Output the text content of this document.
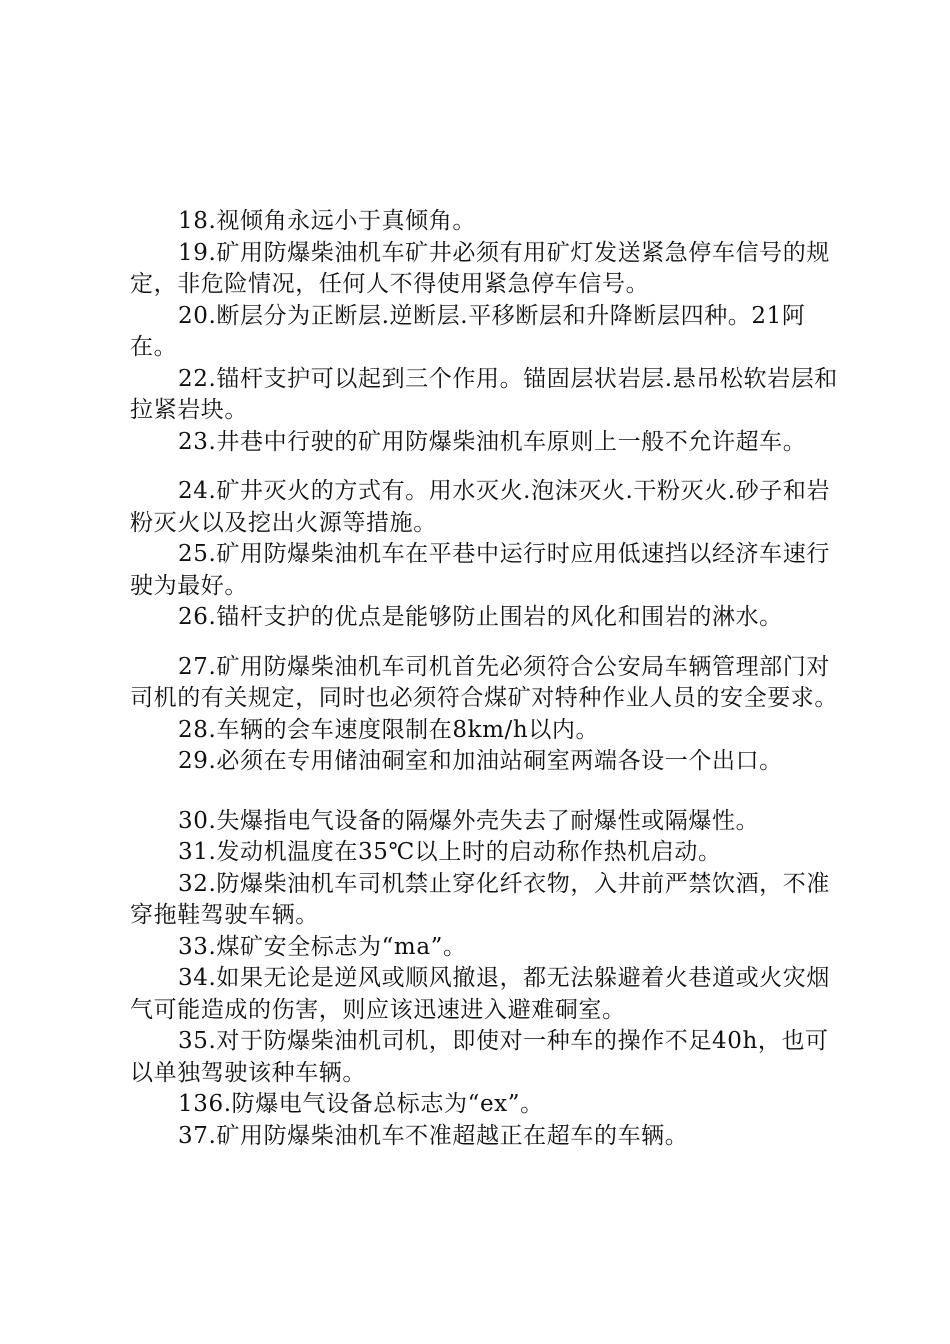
18.视倾角永远小于真倾角。

19.矿用防爆柴油机车矿井必须有用矿灯发送紧急停车信号的规定，非危险情况，任何人不得使用紧急停车信号。

20.断层分为正断层.逆断层.平移断层和升降断层四种。21阿在。

22.锚杆支护可以起到三个作用。锚固层状岩层.悬吊松软岩层和拉紧岩块。

23.井巷中行驶的矿用防爆柴油机车原则上一般不允许超车。

24.矿井灭火的方式有。用水灭火.泡沫灭火.干粉灭火.砂子和岩粉灭火以及挖出火源等措施。

25.矿用防爆柴油机车在平巷中运行时应用低速挡以经济车速行驶为最好。

26.锚杆支护的优点是能够防止围岩的风化和围岩的淋水。

27.矿用防爆柴油机车司机首先必须符合公安局车辆管理部门对司机的有关规定，同时也必须符合煤矿对特种作业人员的安全要求。

28.车辆的会车速度限制在8km/h以内。

29.必须在专用储油硐室和加油站硐室两端各设一个出口。

30.失爆指电气设备的隔爆外壳失去了耐爆性或隔爆性。

31.发动机温度在35℃以上时的启动称作热机启动。

32.防爆柴油机车司机禁止穿化纤衣物，入井前严禁饮酒，不准穿拖鞋驾驶车辆。

33.煤矿安全标志为“ma”。

34.如果无论是逆风或顺风撤退，都无法躲避着火巷道或火灾烟气可能造成的伤害，则应该迅速进入避难硐室。

35.对于防爆柴油机司机，即使对一种车的操作不足40h，也可以单独驾驶该种车辆。

136.防爆电气设备总标志为“ex”。

37.矿用防爆柴油机车不准超越正在超车的车辆。
